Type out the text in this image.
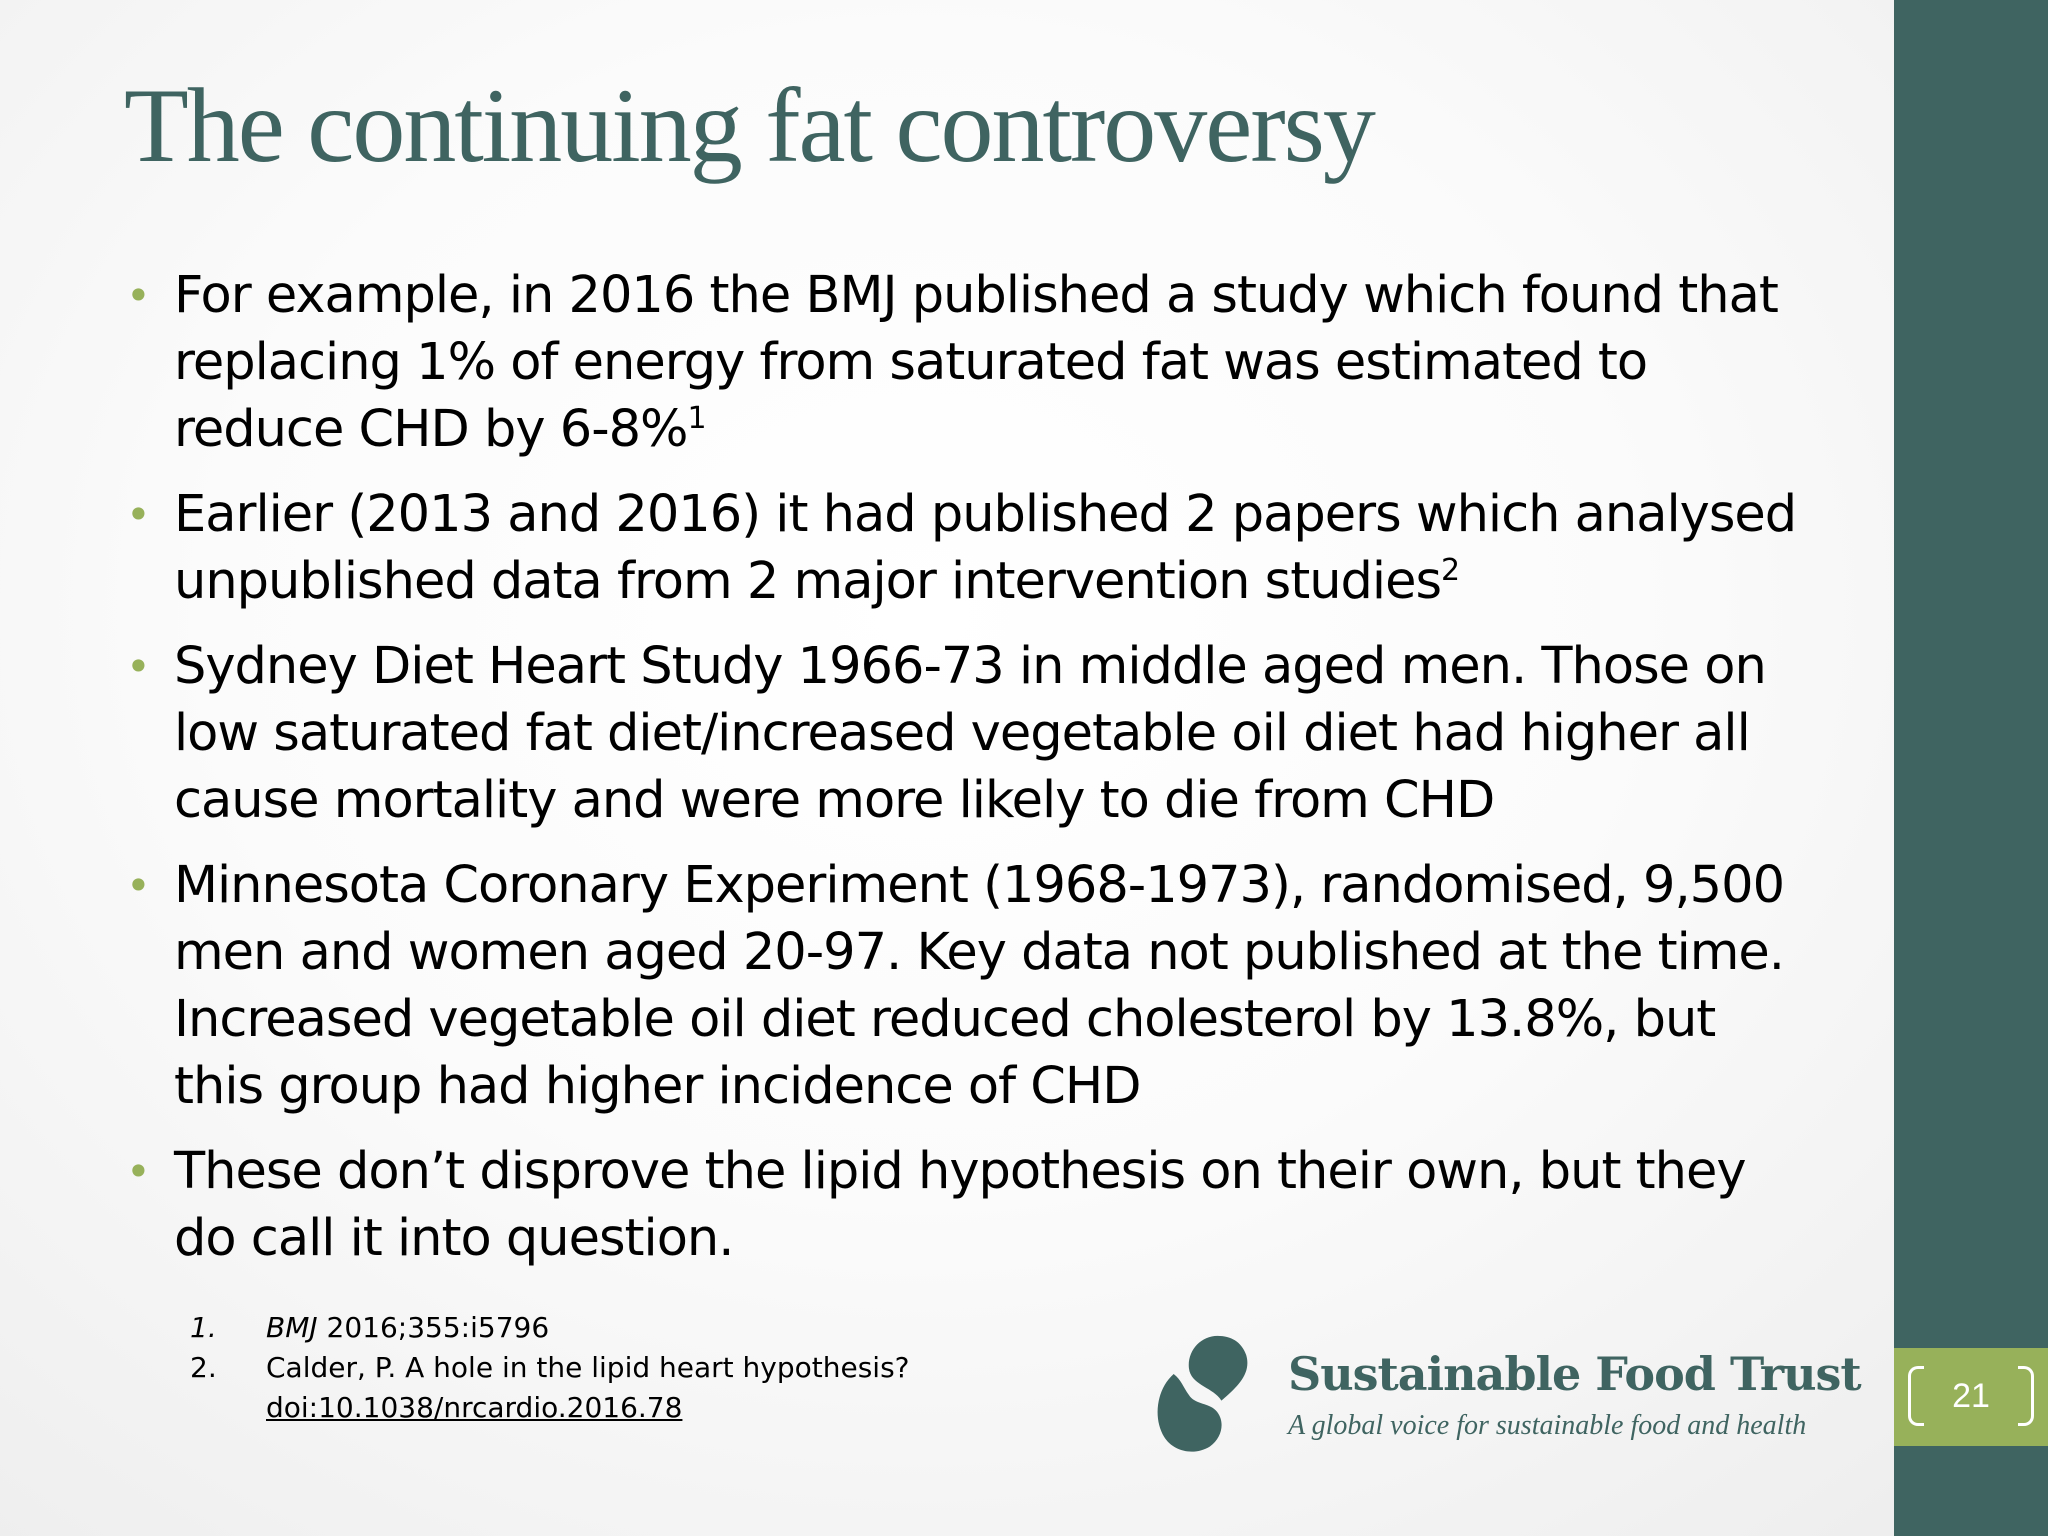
21
The continuing fat controversy
• For example, in 2016 the BMJ published a study which found that replacing 1% of energy from saturated fat was estimated to reduce CHD by 6-8%$^1$
• Earlier (2013 and 2016) it had published 2 papers which analysed unpublished data from 2 major intervention studies$^2$
• Sydney Diet Heart Study 1966-73 in middle aged men. Those on low saturated fat diet/increased vegetable oil diet had higher all cause mortality and were more likely to die from CHD
• Minnesota Coronary Experiment (1968-1973), randomised, 9,500 men and women aged 20-97. Key data not published at the time. Increased vegetable oil diet reduced cholesterol by 13.8%, but this group had higher incidence of CHD
• These don’t disprove the lipid hypothesis on their own, but they do call it into question.
1. BMJ 2016;355:i5796
2. Calder, P. A hole in the lipid heart hypothesis?
doi:10.1038/nrcardio.2016.78
Sustainable Food Trust
A global voice for sustainable food and health
